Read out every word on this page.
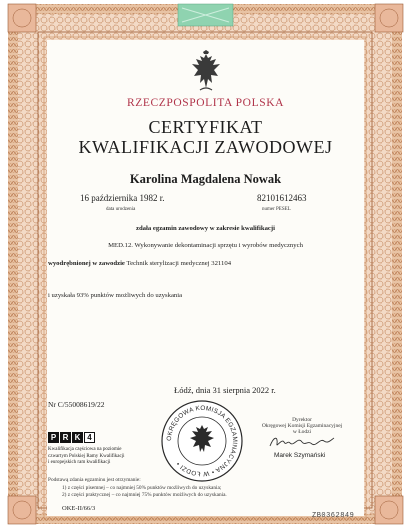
RZECZPOSPOLITA POLSKA
CERTYFIKAT
KWALIFIKACJI ZAWODOWEJ
Karolina Magdalena Nowak
16 października 1982 r.
data urodzenia
82101612463
numer PESEL
zdała egzamin zawodowy w zakresie kwalifikacji
MED.12. Wykonywanie dekontaminacji sprzętu i wyrobów medycznych
wyodrębnionej w zawodzie Technik sterylizacji medycznej 321104
i uzyskała 93% punktów możliwych do uzyskania
Łódź, dnia 31 sierpnia 2022 r.
Nr C/55008619/22
P R K 4
Kwalifikacja częściowa na poziomie
czwartym Polskiej Ramy Kwalifikacji
i europejskich ram kwalifikacji
OKRĘGOWA KOMISJA EGZAMINACYJNA • W ŁODZI •
Dyrektor
Okręgowej Komisji Egzaminacyjnej
w Łodzi
Marek Szymański
Podstawą zdania egzaminu jest otrzymanie:
1) z części pisemnej – co najmniej 50% punktów możliwych do uzyskania;
2) z części praktycznej – co najmniej 75% punktów możliwych do uzyskania.
OKE-II/66/3
ZB0362849
